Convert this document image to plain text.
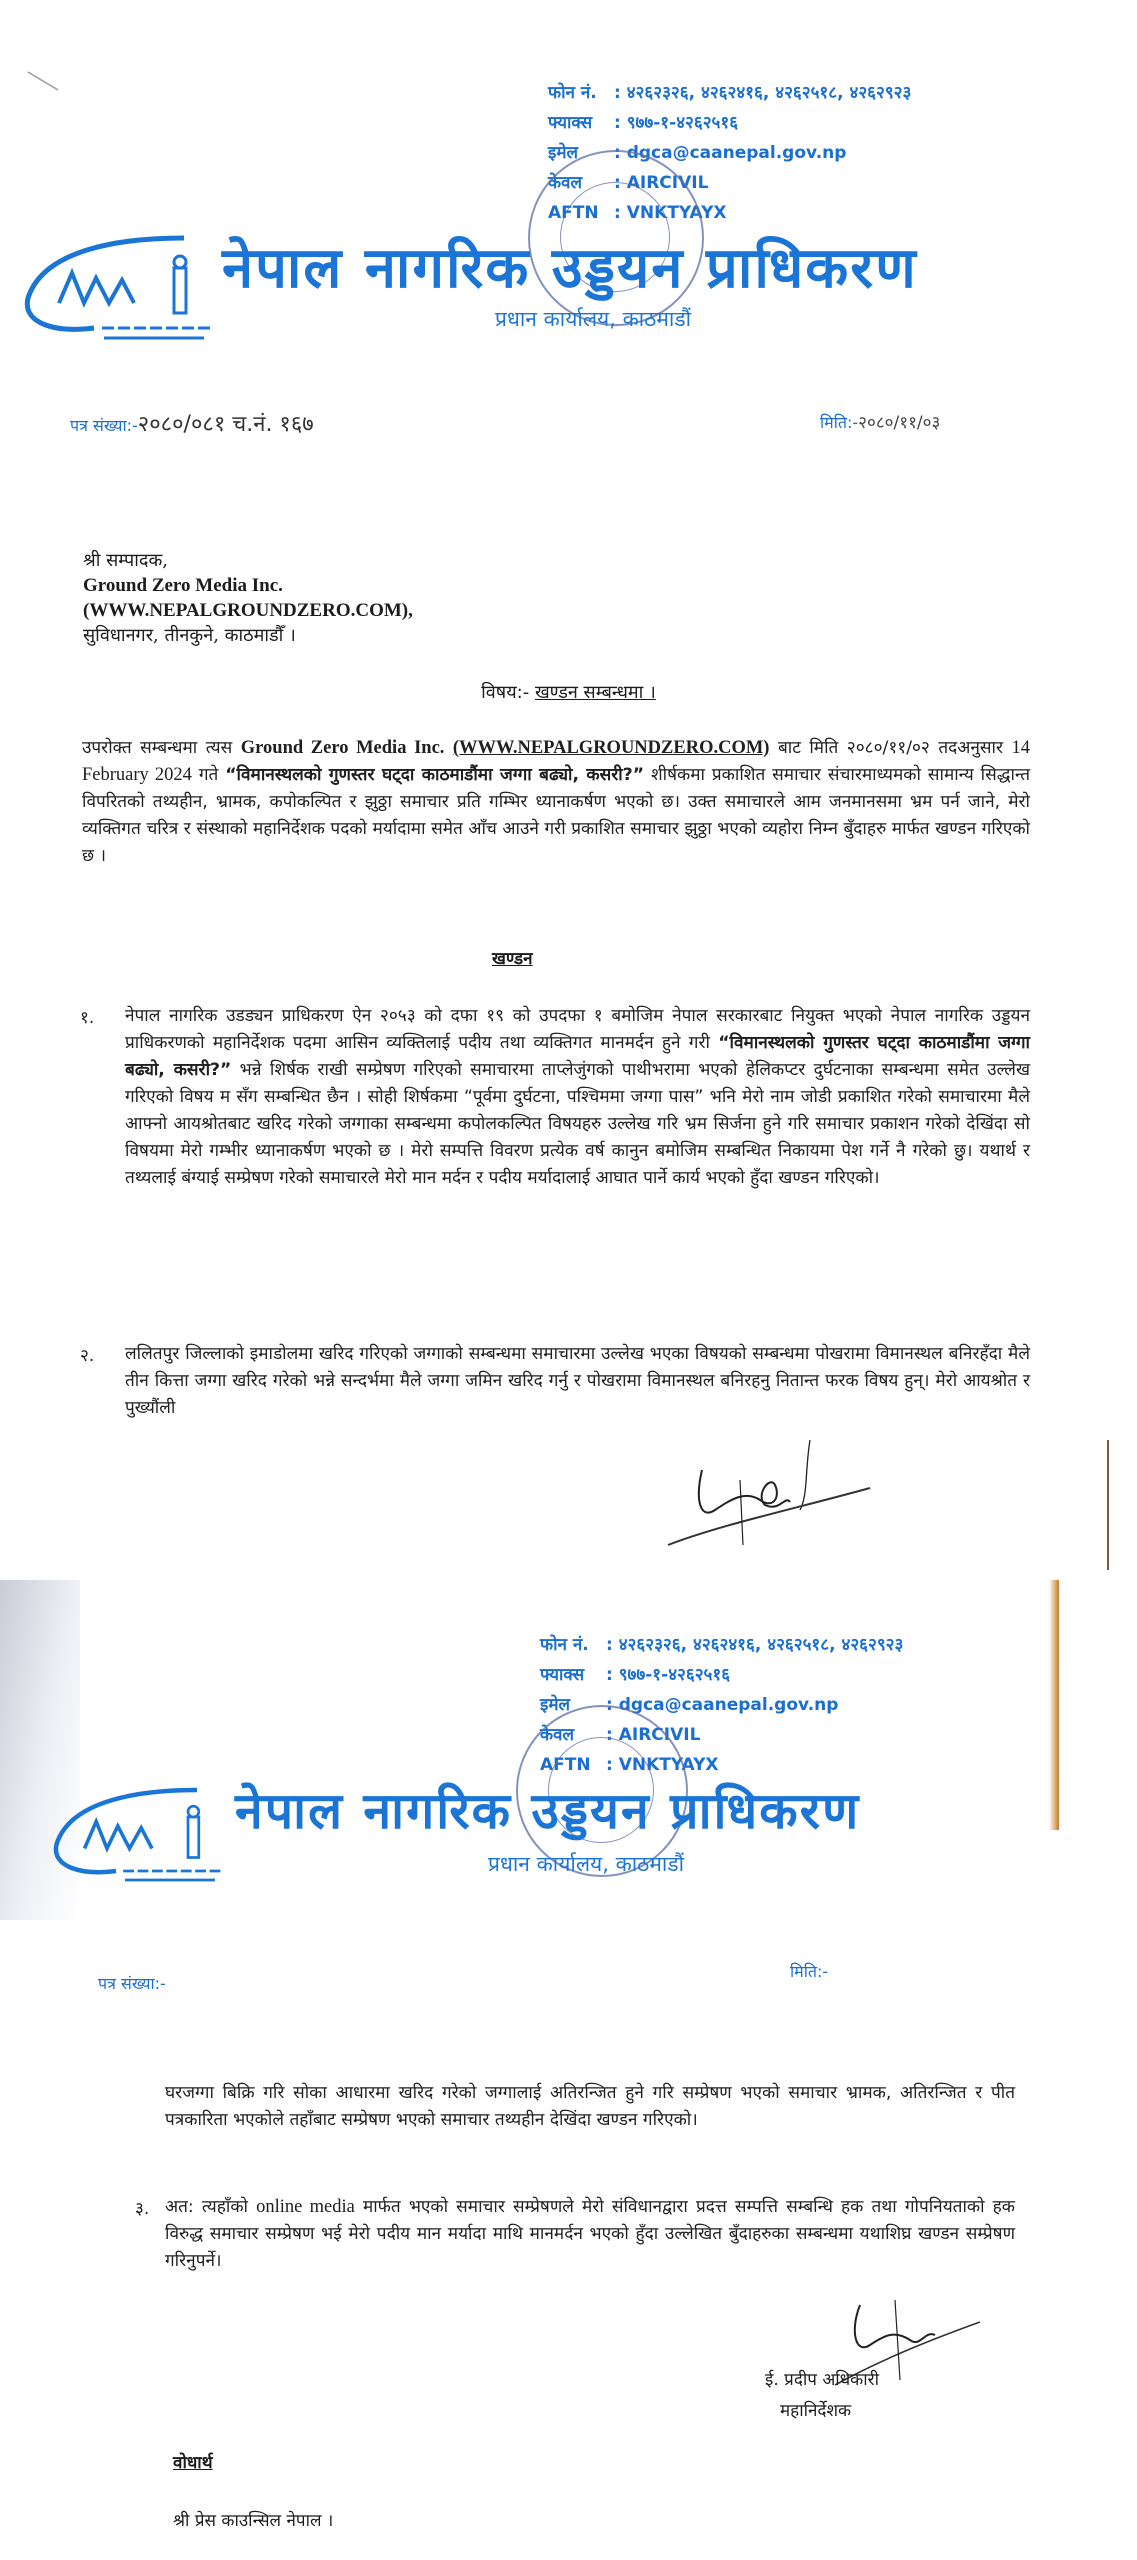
फोन नं.	: ४२६२३२६, ४२६२४१६, ४२६२५१८, ४२६२९२३
फ्याक्स	: ९७७-१-४२६२५१६
इमेल	: dgca@caanepal.gov.np
केवल	: AIRCIVIL
AFTN : VNKTYAYX
नेपाल नागरिक उड्डयन प्राधिकरण
प्रधान कार्यालय, काठमाडौं
पत्र संख्या:-२०८०/०८१ च.नं. १६७	मिति:-२०८०/११/०३
श्री सम्पादक,
Ground Zero Media Inc.
(WWW.NEPALGROUNDZERO.COM),
सुविधानगर, तीनकुने, काठमाडौँ ।
विषय:- खण्डन सम्बन्धमा ।
उपरोक्त सम्बन्धमा त्यस Ground Zero Media Inc. (WWW.NEPALGROUNDZERO.COM) बाट मिति २०८०/११/०२ तदअनुसार 14 February 2024 गते “विमानस्थलको गुणस्तर घट्दा काठमाडौंमा जग्गा बढ्यो, कसरी?” शीर्षकमा प्रकाशित समाचार संचारमाध्यमको सामान्य सिद्धान्त विपरितको तथ्यहीन, भ्रामक, कपोकल्पित र झुठ्ठा समाचार प्रति गम्भिर ध्यानाकर्षण भएको छ। उक्त समाचारले आम जनमानसमा भ्रम पर्न जाने, मेरो व्यक्तिगत चरित्र र संस्थाको महानिर्देशक पदको मर्यादामा समेत आँच आउने गरी प्रकाशित समाचार झुठ्ठा भएको व्यहोरा निम्न बुँदाहरु मार्फत खण्डन गरिएको छ ।
खण्डन
१. नेपाल नागरिक उडड्यन प्राधिकरण ऐन २०५३ को दफा १९ को उपदफा १ बमोजिम नेपाल सरकारबाट नियुक्त भएको नेपाल नागरिक उड्डयन प्राधिकरणको महानिर्देशक पदमा आसिन व्यक्तिलाई पदीय तथा व्यक्तिगत मानमर्दन हुने गरी “विमानस्थलको गुणस्तर घट्दा काठमाडौंमा जग्गा बढ्यो, कसरी?” भन्ने शिर्षक राखी सम्प्रेषण गरिएको समाचारमा ताप्लेजुंगको पाथीभरामा भएको हेलिकप्टर दुर्घटनाका सम्बन्धमा समेत उल्लेख गरिएको विषय म सँग सम्बन्धित छैन । सोही शिर्षकमा “पूर्वमा दुर्घटना, पश्चिममा जग्गा पास” भनि मेरो नाम जोडी प्रकाशित गरेको समाचारमा मैले आफ्नो आयश्रोतबाट खरिद गरेको जग्गाका सम्बन्धमा कपोलकल्पित विषयहरु उल्लेख गरि भ्रम सिर्जना हुने गरि समाचार प्रकाशन गरेको देखिंदा सो विषयमा मेरो गम्भीर ध्यानाकर्षण भएको छ । मेरो सम्पत्ति विवरण प्रत्येक वर्ष कानुन बमोजिम सम्बन्धित निकायमा पेश गर्ने नै गरेको छु। यथार्थ र तथ्यलाई बंग्याई सम्प्रेषण गरेको समाचारले मेरो मान मर्दन र पदीय मर्यादालाई आघात पार्ने कार्य भएको हुँदा खण्डन गरिएको।
२. ललितपुर जिल्लाको इमाडोलमा खरिद गरिएको जग्गाको सम्बन्धमा समाचारमा उल्लेख भएका विषयको सम्बन्धमा पोखरामा विमानस्थल बनिरहँदा मैले तीन कित्ता जग्गा खरिद गरेको भन्ने सन्दर्भमा मैले जग्गा जमिन खरिद गर्नु र पोखरामा विमानस्थल बनिरहनु नितान्त फरक विषय हुन्। मेरो आयश्रोत र पुख्यौंली
फोन नं.	: ४२६२३२६, ४२६२४१६, ४२६२५१८, ४२६२९२३
फ्याक्स	: ९७७-१-४२६२५१६
इमेल	: dgca@caanepal.gov.np
केवल	: AIRCIVIL
AFTN : VNKTYAYX
नेपाल नागरिक उड्डयन प्राधिकरण
प्रधान कार्यालय, काठमाडौं
पत्र संख्या:-
मिति:-
घरजग्गा बिक्रि गरि सोका आधारमा खरिद गरेको जग्गालाई अतिरन्जित हुने गरि सम्प्रेषण भएको समाचार भ्रामक, अतिरन्जित र पीत पत्रकारिता भएकोले तहाँबाट सम्प्रेषण भएको समाचार तथ्यहीन देखिंदा खण्डन गरिएको।
३. अत: त्यहाँको online media मार्फत भएको समाचार सम्प्रेषणले मेरो संविधानद्वारा प्रदत्त सम्पत्ति सम्बन्धि हक तथा गोपनियताको हक विरुद्ध समाचार सम्प्रेषण भई मेरो पदीय मान मर्यादा माथि मानमर्दन भएको हुँदा उल्लेखित बुँदाहरुका सम्बन्धमा यथाशिघ्र खण्डन सम्प्रेषण गरिनुपर्ने।
ई. प्रदीप अधिकारी
महानिर्देशक
वोधार्थ
श्री प्रेस काउन्सिल नेपाल ।
